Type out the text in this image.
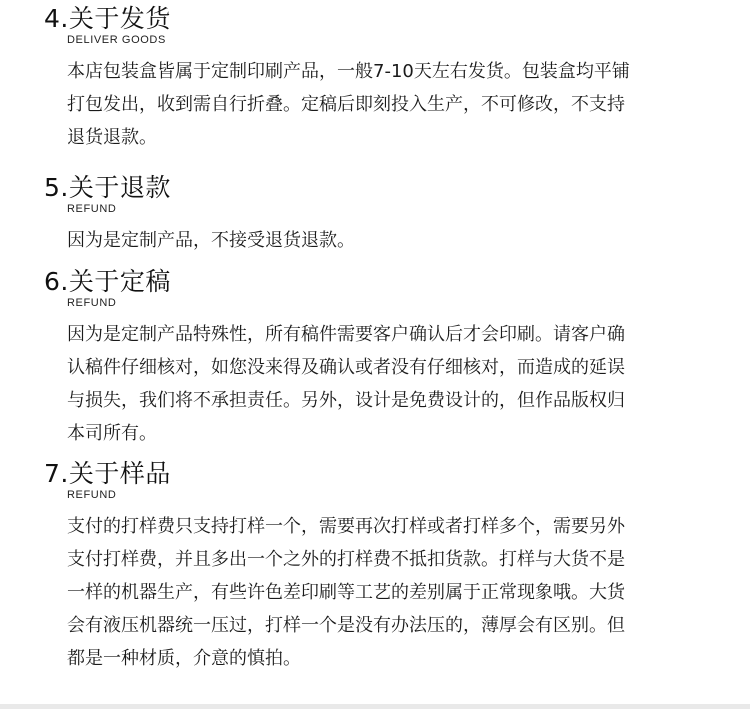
4.关于发货
DELIVER GOODS
本店包装盒皆属于定制印刷产品，一般7-10天左右发货。包装盒均平铺
打包发出，收到需自行折叠。定稿后即刻投入生产，不可修改，不支持
退货退款。
5.关于退款
REFUND
因为是定制产品，不接受退货退款。
6.关于定稿
REFUND
因为是定制产品特殊性，所有稿件需要客户确认后才会印刷。请客户确
认稿件仔细核对，如您没来得及确认或者没有仔细核对，而造成的延误
与损失，我们将不承担责任。另外，设计是免费设计的，但作品版权归
本司所有。
7.关于样品
REFUND
支付的打样费只支持打样一个，需要再次打样或者打样多个，需要另外
支付打样费，并且多出一个之外的打样费不抵扣货款。打样与大货不是
一样的机器生产，有些许色差印刷等工艺的差别属于正常现象哦。大货
会有液压机器统一压过，打样一个是没有办法压的，薄厚会有区别。但
都是一种材质，介意的慎拍。
